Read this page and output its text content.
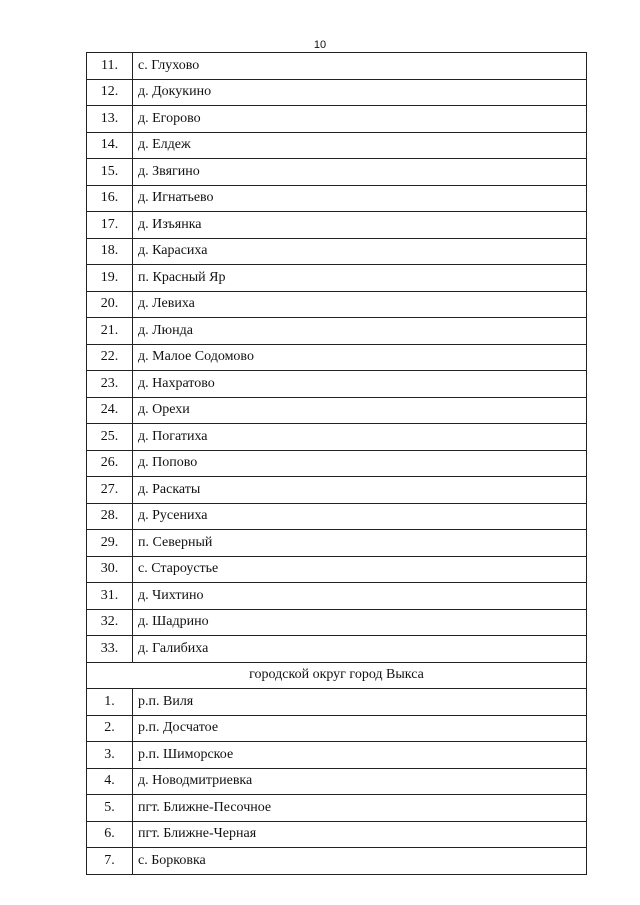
10
11.	с. Глухово
12.	д. Докукино
13.	д. Егорово
14.	д. Елдеж
15.	д. Звягино
16.	д. Игнатьево
17.	д. Изъянка
18.	д. Карасиха
19.	п. Красный Яр
20.	д. Левиха
21.	д. Люнда
22.	д. Малое Содомово
23.	д. Нахратово
24.	д. Орехи
25.	д. Погатиха
26.	д. Попово
27.	д. Раскаты
28.	д. Русениха
29.	п. Северный
30.	с. Староустье
31.	д. Чихтино
32.	д. Шадрино
33.	д. Галибиха
городской округ город Выкса	
1.	р.п. Виля
2.	р.п. Досчатое
3.	р.п. Шиморское
4.	д. Новодмитриевка
5.	пгт. Ближне-Песочное
6.	пгт. Ближне-Черная
7.	с. Борковка
